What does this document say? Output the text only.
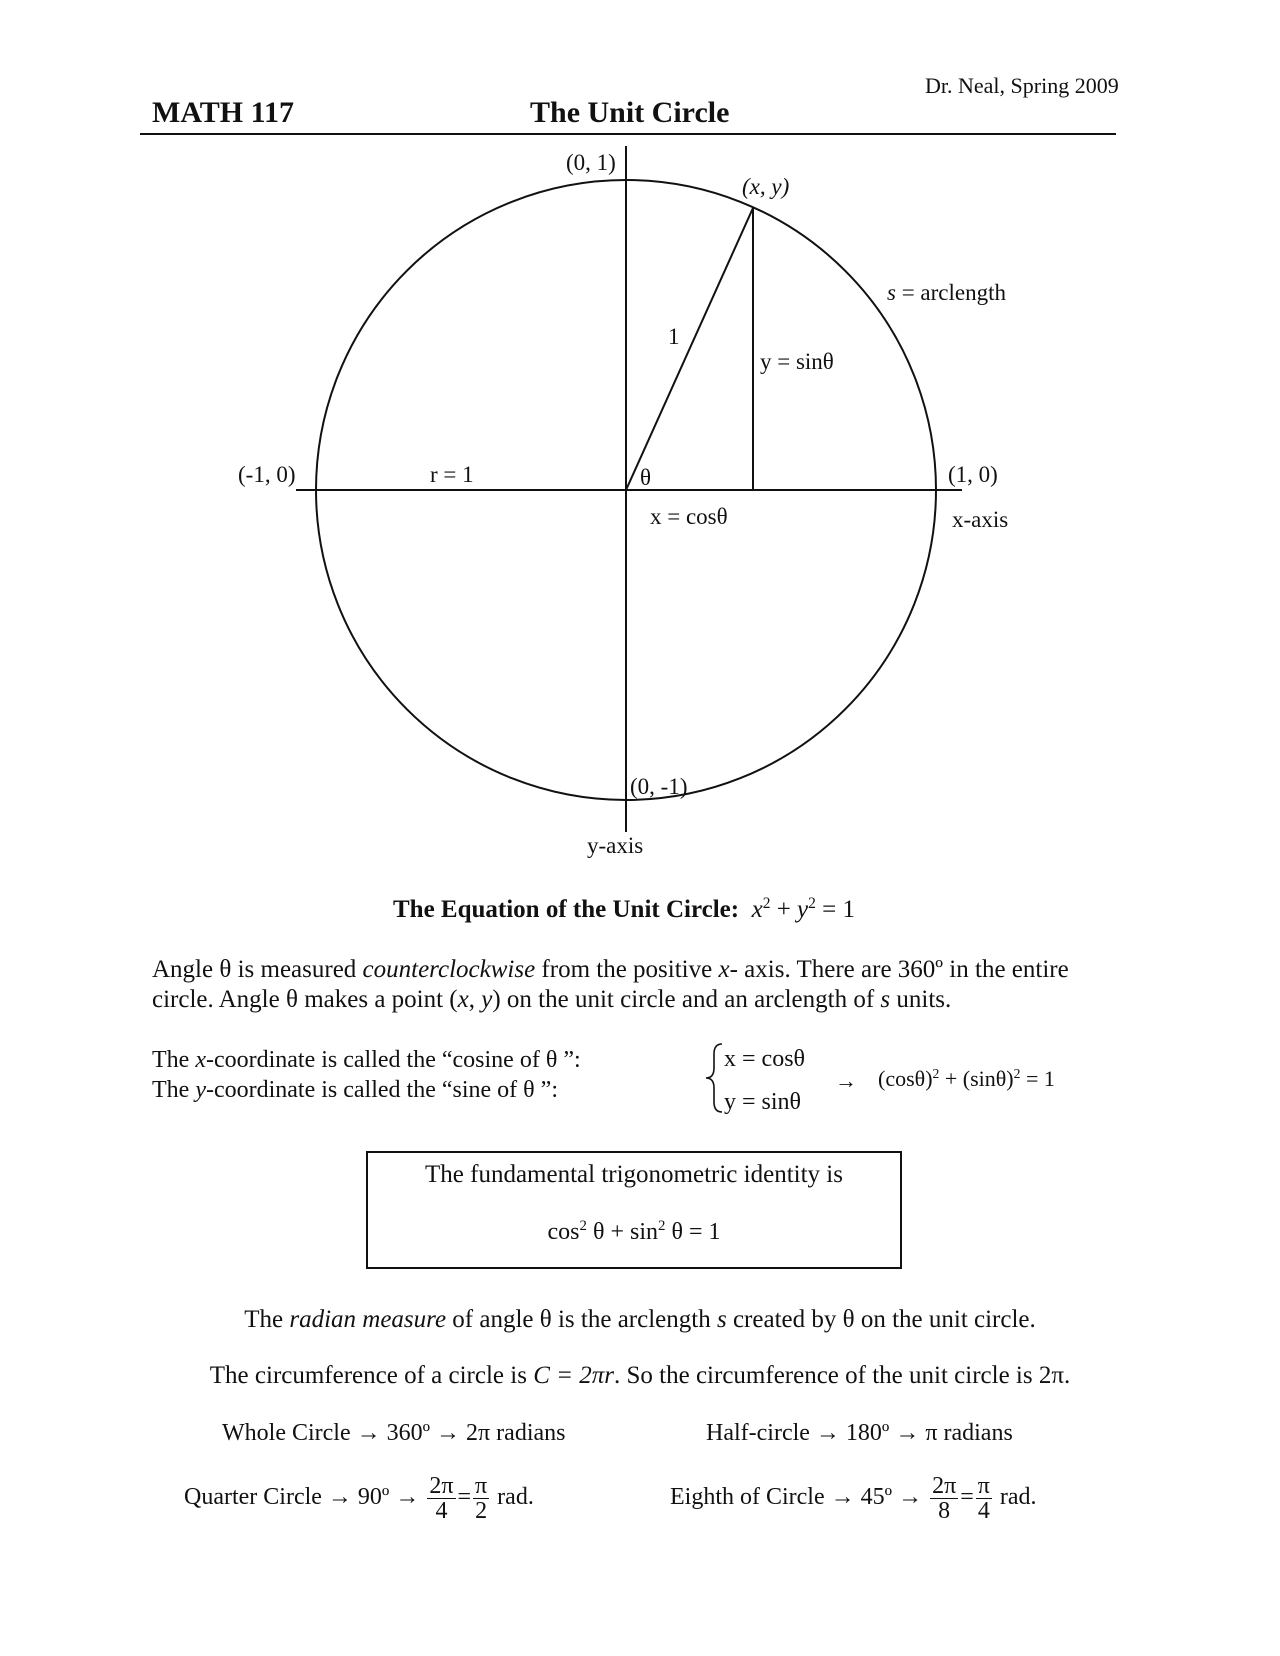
MATH 117	The Unit Circle
Dr. Neal, Spring 2009
(0, 1)
(x, y)
s = arclength
1
y = sinθ
θ
(-1, 0)	r = 1	(1, 0)
x-axis
x = cosθ
(0, -1)
y-axis
The Equation of the Unit Circle: $x^2 + y^2 = 1$
Angle θ is measured counterclockwise from the positive x- axis. There are 360º in the entire circle. Angle θ makes a point (x, y) on the unit circle and an arclength of s units.
The x-coordinate is called the “cosine of θ ”:
The y-coordinate is called the “sine of θ ”:
x = cosθ
y = sinθ
→ $(\cos\theta)^2 + (\sin\theta)^2 = 1$
The fundamental trigonometric identity is
$\cos^2 \theta + \sin^2 \theta = 1$
The radian measure of angle θ is the arclength s created by θ on the unit circle.
The circumference of a circle is C = 2πr. So the circumference of the unit circle is 2π.
Whole Circle → 360º → 2π radians	Half-circle → 180º → π radians
Quarter Circle → 90º → $\frac{2\pi}{4} = \frac{\pi}{2}$ rad.	Eighth of Circle → 45º → $\frac{2\pi}{8} = \frac{\pi}{4}$ rad.
